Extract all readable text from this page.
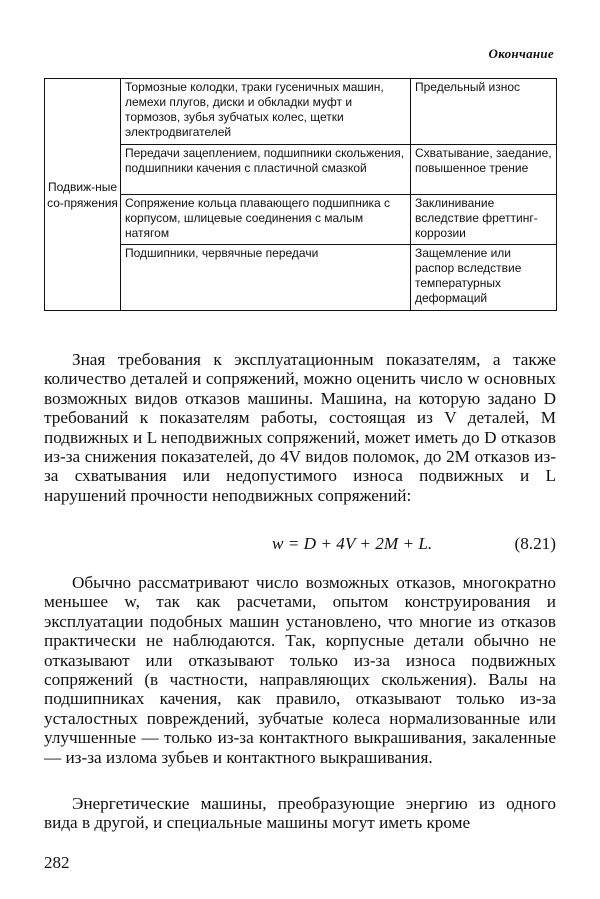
Окончание
Подвиж-ные со-пряжения	Тормозные колодки, траки гусеничных машин, лемехи плугов, диски и обкладки муфт и тормозов, зубья зубчатых колес, щетки электродвигателей	Предельный износ
	Передачи зацеплением, подшипники скольжения, подшипники качения с пластичной смазкой	Схватывание, заедание, повышенное трение
	Сопряжение кольца плавающего подшипника с корпусом, шлицевые соединения с малым натягом	Заклинивание вследствие фреттинг-коррозии
	Подшипники, червячные передачи	Защемление или распор вследствие температурных деформаций

Зная требования к эксплуатационным показателям, а также количество деталей и сопряжений, можно оценить число w основных возможных видов отказов машины. Машина, на которую задано D требований к показателям работы, состоящая из V деталей, M подвижных и L неподвижных сопряжений, может иметь до D отказов из-за снижения показателей, до 4V видов поломок, до 2M отказов из-за схватывания или недопустимого износа подвижных и L нарушений прочности неподвижных сопряжений:

w = D + 4V + 2M + L.	(8.21)

Обычно рассматривают число возможных отказов, многократно меньшее w, так как расчетами, опытом конструирования и эксплуатации подобных машин установлено, что многие из отказов практически не наблюдаются. Так, корпусные детали обычно не отказывают или отказывают только из-за износа подвижных сопряжений (в частности, направляющих скольжения). Валы на подшипниках качения, как правило, отказывают только из-за усталостных повреждений, зубчатые колеса нормализованные или улучшенные — только из-за контактного выкрашивания, закаленные — из-за излома зубьев и контактного выкрашивания.

Энергетические машины, преобразующие энергию из одного вида в другой, и специальные машины могут иметь кроме

282
